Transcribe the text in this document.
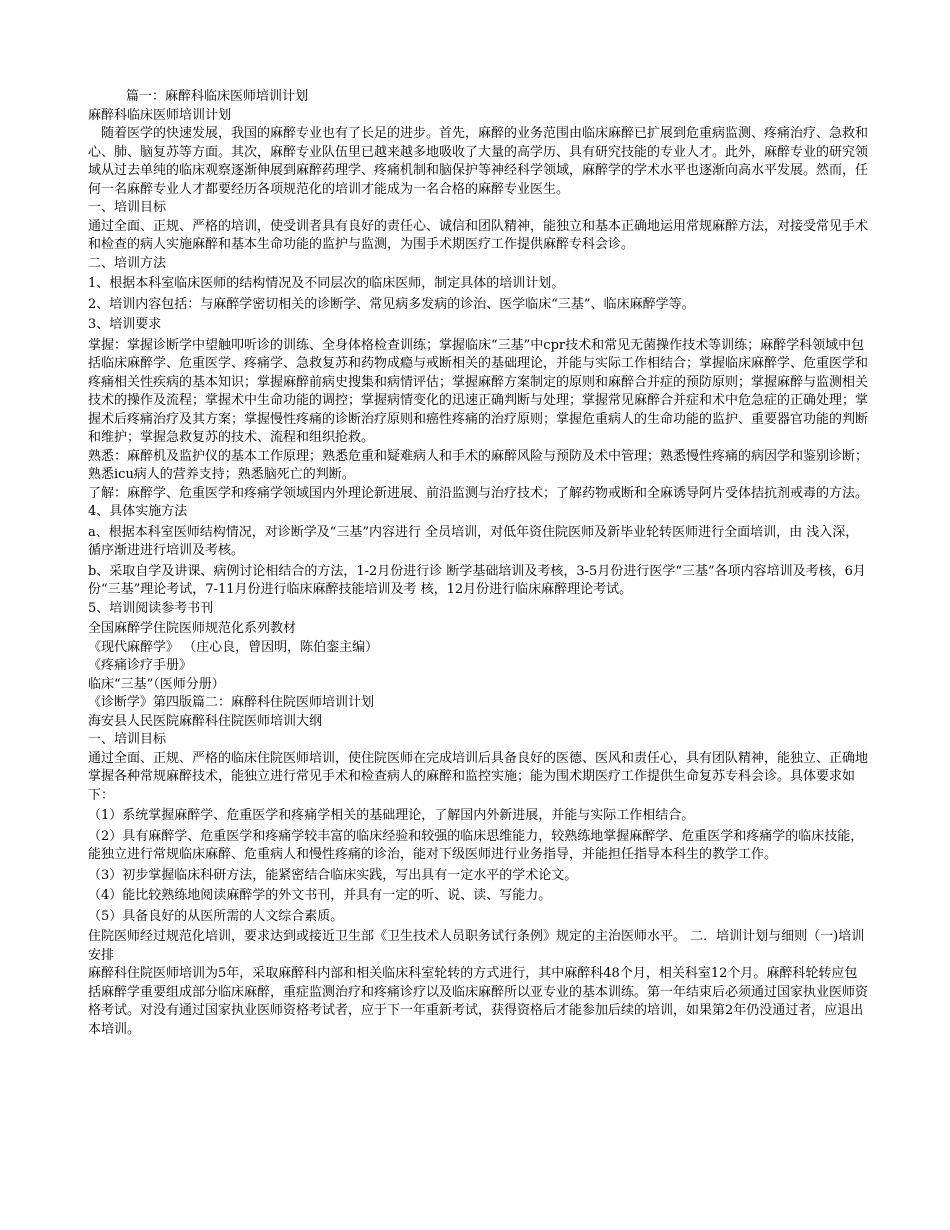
篇一：麻醉科临床医师培训计划

麻醉科临床医师培训计划

随着医学的快速发展，我国的麻醉专业也有了长足的进步。首先，麻醉的业务范围由临床麻醉已扩展到危重病监测、疼痛治疗、急救和心、肺、脑复苏等方面。其次，麻醉专业队伍里已越来越多地吸收了大量的高学历、具有研究技能的专业人才。此外，麻醉专业的研究领域从过去单纯的临床观察逐渐伸展到麻醉药理学、疼痛机制和脑保护等神经科学领域，麻醉学的学术水平也逐渐向高水平发展。然而，任何一名麻醉专业人才都要经历各项规范化的培训才能成为一名合格的麻醉专业医生。

一、培训目标

通过全面、正规、严格的培训，使受训者具有良好的责任心、诚信和团队精神，能独立和基本正确地运用常规麻醉方法，对接受常见手术和检查的病人实施麻醉和基本生命功能的监护与监测，为围手术期医疗工作提供麻醉专科会诊。

二、培训方法

1、根据本科室临床医师的结构情况及不同层次的临床医师，制定具体的培训计划。

2、培训内容包括：与麻醉学密切相关的诊断学、常见病多发病的诊治、医学临床“三基”、临床麻醉学等。

3、培训要求

掌握：掌握诊断学中望触叩听诊的训练、全身体格检查训练；掌握临床“三基”中cpr技术和常见无菌操作技术等训练；麻醉学科领域中包括临床麻醉学、危重医学、疼痛学、急救复苏和药物成瘾与戒断相关的基础理论，并能与实际工作相结合；掌握临床麻醉学、危重医学和疼痛相关性疾病的基本知识；掌握麻醉前病史搜集和病情评估；掌握麻醉方案制定的原则和麻醉合并症的预防原则；掌握麻醉与监测相关技术的操作及流程；掌握术中生命功能的调控；掌握病情变化的迅速正确判断与处理；掌握常见麻醉合并症和术中危急症的正确处理；掌握术后疼痛治疗及其方案；掌握慢性疼痛的诊断治疗原则和癌性疼痛的治疗原则；掌握危重病人的生命功能的监护、重要器官功能的判断和维护；掌握急救复苏的技术、流程和组织抢救。

熟悉：麻醉机及监护仪的基本工作原理；熟悉危重和疑难病人和手术的麻醉风险与预防及术中管理；熟悉慢性疼痛的病因学和鉴别诊断；熟悉icu病人的营养支持；熟悉脑死亡的判断。

了解：麻醉学、危重医学和疼痛学领域国内外理论新进展、前沿监测与治疗技术；了解药物戒断和全麻诱导阿片受体拮抗剂戒毒的方法。

4、具体实施方法

a、根据本科室医师结构情况，对诊断学及“三基”内容进行 全员培训，对低年资住院医师及新毕业轮转医师进行全面培训，由 浅入深，循序渐进进行培训及考核。

b、采取自学及讲课、病例讨论相结合的方法，1-2月份进行诊 断学基础培训及考核，3-5月份进行医学“三基”各项内容培训及考核，6月份“三基”理论考试，7-11月份进行临床麻醉技能培训及考 核，12月份进行临床麻醉理论考试。

5、培训阅读参考书刊

全国麻醉学住院医师规范化系列教材

《现代麻醉学》 （庄心良，曾因明，陈伯銮主编）

《疼痛诊疗手册》

临床“三基”（医师分册）

《诊断学》第四版篇二：麻醉科住院医师培训计划

海安县人民医院麻醉科住院医师培训大纲

一、培训目标

通过全面、正规、严格的临床住院医师培训，使住院医师在完成培训后具备良好的医德、医风和责任心，具有团队精神，能独立、正确地掌握各种常规麻醉技术，能独立进行常见手术和检查病人的麻醉和监控实施；能为围术期医疗工作提供生命复苏专科会诊。具体要求如下：

（1）系统掌握麻醉学、危重医学和疼痛学相关的基础理论，了解国内外新进展，并能与实际工作相结合。

（2）具有麻醉学、危重医学和疼痛学较丰富的临床经验和较强的临床思维能力，较熟练地掌握麻醉学、危重医学和疼痛学的临床技能，能独立进行常规临床麻醉、危重病人和慢性疼痛的诊治，能对下级医师进行业务指导，并能担任指导本科生的教学工作。

（3）初步掌握临床科研方法，能紧密结合临床实践，写出具有一定水平的学术论文。

（4）能比较熟练地阅读麻醉学的外文书刊，并具有一定的听、说、读、写能力。

（5）具备良好的从医所需的人文综合素质。

住院医师经过规范化培训，要求达到或接近卫生部《卫生技术人员职务试行条例》规定的主治医师水平。 二．培训计划与细则（一)培训安排

麻醉科住院医师培训为5年，采取麻醉科内部和相关临床科室轮转的方式进行，其中麻醉科48个月，相关科室12个月。麻醉科轮转应包括麻醉学重要组成部分临床麻醉，重症监测治疗和疼痛诊疗以及临床麻醉所以亚专业的基本训练。第一年结束后必须通过国家执业医师资格考试。对没有通过国家执业医师资格考试者，应于下一年重新考试，获得资格后才能参加后续的培训，如果第2年仍没通过者，应退出本培训。
